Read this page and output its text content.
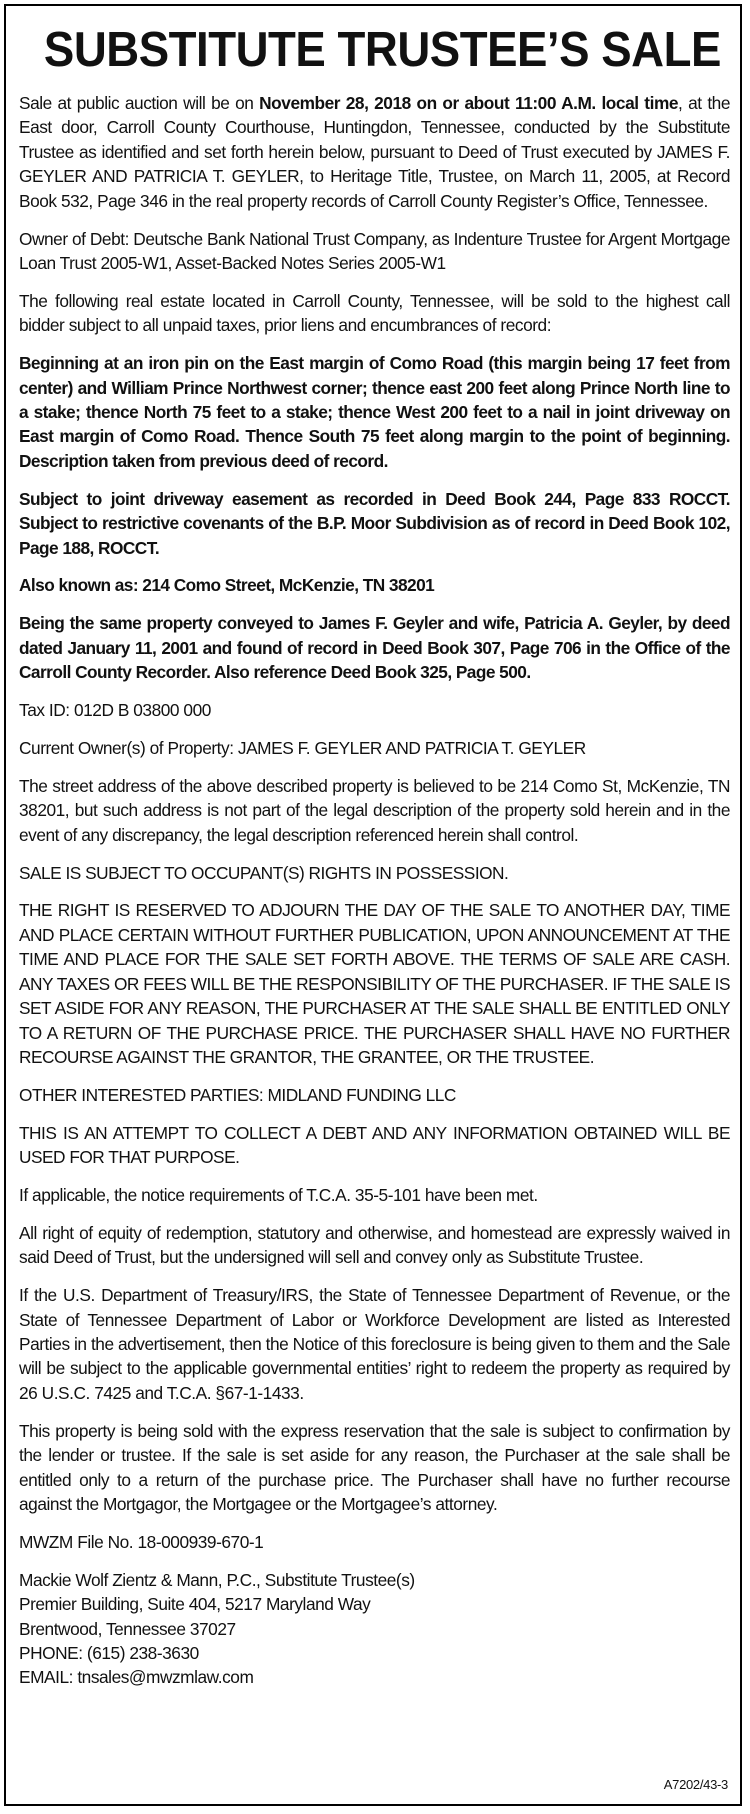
SUBSTITUTE TRUSTEE’S SALE

Sale at public auction will be on November 28, 2018 on or about 11:00 A.M. local time, at the East door, Carroll County Courthouse, Huntingdon, Tennessee, conducted by the Substitute Trustee as identified and set forth herein below, pursuant to Deed of Trust executed by JAMES F. GEYLER AND PATRICIA T. GEYLER, to Heritage Title, Trustee, on March 11, 2005, at Record Book 532, Page 346 in the real property records of Carroll County Register’s Office, Tennessee.

Owner of Debt: Deutsche Bank National Trust Company, as Indenture Trustee for Argent Mortgage Loan Trust 2005-W1, Asset-Backed Notes Series 2005-W1

The following real estate located in Carroll County, Tennessee, will be sold to the highest call bidder subject to all unpaid taxes, prior liens and encumbrances of record:

Beginning at an iron pin on the East margin of Como Road (this margin being 17 feet from center) and William Prince Northwest corner; thence east 200 feet along Prince North line to a stake; thence North 75 feet to a stake; thence West 200 feet to a nail in joint driveway on East margin of Como Road. Thence South 75 feet along margin to the point of beginning. Description taken from previous deed of record.

Subject to joint driveway easement as recorded in Deed Book 244, Page 833 ROCCT. Subject to restrictive covenants of the B.P. Moor Subdivision as of record in Deed Book 102, Page 188, ROCCT.

Also known as: 214 Como Street, McKenzie, TN 38201

Being the same property conveyed to James F. Geyler and wife, Patricia A. Geyler, by deed dated January 11, 2001 and found of record in Deed Book 307, Page 706 in the Office of the Carroll County Recorder. Also reference Deed Book 325, Page 500.

Tax ID: 012D B 03800 000

Current Owner(s) of Property: JAMES F. GEYLER AND PATRICIA T. GEYLER

The street address of the above described property is believed to be 214 Como St, McKenzie, TN 38201, but such address is not part of the legal description of the property sold herein and in the event of any discrepancy, the legal description referenced herein shall control.

SALE IS SUBJECT TO OCCUPANT(S) RIGHTS IN POSSESSION.

THE RIGHT IS RESERVED TO ADJOURN THE DAY OF THE SALE TO ANOTHER DAY, TIME AND PLACE CERTAIN WITHOUT FURTHER PUBLICATION, UPON ANNOUNCEMENT AT THE TIME AND PLACE FOR THE SALE SET FORTH ABOVE. THE TERMS OF SALE ARE CASH. ANY TAXES OR FEES WILL BE THE RESPONSIBILITY OF THE PURCHASER. IF THE SALE IS SET ASIDE FOR ANY REASON, THE PURCHASER AT THE SALE SHALL BE ENTITLED ONLY TO A RETURN OF THE PURCHASE PRICE. THE PURCHASER SHALL HAVE NO FURTHER RECOURSE AGAINST THE GRANTOR, THE GRANTEE, OR THE TRUSTEE.

OTHER INTERESTED PARTIES: MIDLAND FUNDING LLC

THIS IS AN ATTEMPT TO COLLECT A DEBT AND ANY INFORMATION OBTAINED WILL BE USED FOR THAT PURPOSE.

If applicable, the notice requirements of T.C.A. 35-5-101 have been met.

All right of equity of redemption, statutory and otherwise, and homestead are expressly waived in said Deed of Trust, but the undersigned will sell and convey only as Substitute Trustee.

If the U.S. Department of Treasury/IRS, the State of Tennessee Department of Revenue, or the State of Tennessee Department of Labor or Workforce Development are listed as Interested Parties in the advertisement, then the Notice of this foreclosure is being given to them and the Sale will be subject to the applicable governmental entities’ right to redeem the property as required by 26 U.S.C. 7425 and T.C.A. §67-1-1433.

This property is being sold with the express reservation that the sale is subject to confirmation by the lender or trustee. If the sale is set aside for any reason, the Purchaser at the sale shall be entitled only to a return of the purchase price. The Purchaser shall have no further recourse against the Mortgagor, the Mortgagee or the Mortgagee’s attorney.

MWZM File No. 18-000939-670-1

Mackie Wolf Zientz & Mann, P.C., Substitute Trustee(s)

Premier Building, Suite 404, 5217 Maryland Way

Brentwood, Tennessee 37027

PHONE: (615) 238-3630

EMAIL: tnsales@mwzmlaw.com

A7202/43-3
